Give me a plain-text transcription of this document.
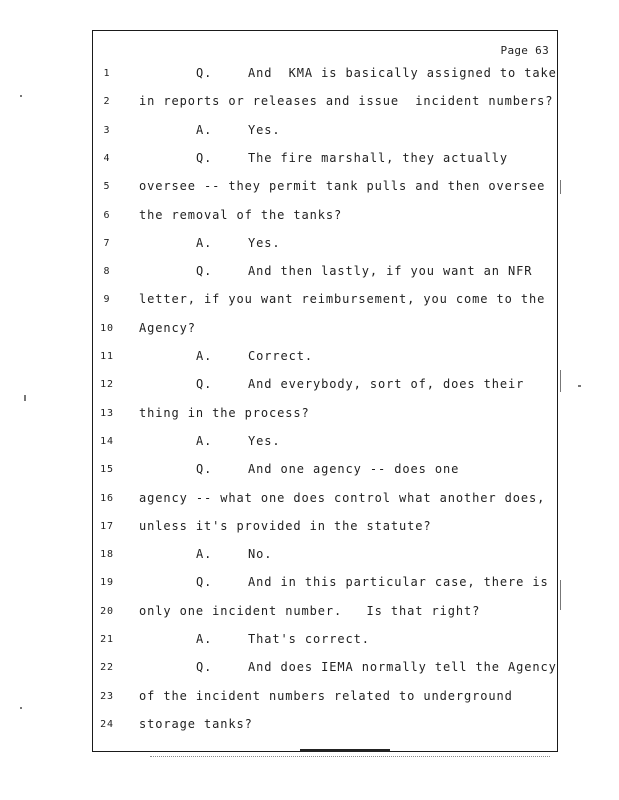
Page 63
1	Q.	And  KMA is basically assigned to take
2	in reports or releases and issue  incident numbers?
3	A.	Yes.
4	Q.	The fire marshall, they actually
5	oversee -- they permit tank pulls and then oversee
6	the removal of the tanks?
7	A.	Yes.
8	Q.	And then lastly, if you want an NFR
9	letter, if you want reimbursement, you come to the
10	Agency?
11	A.	Correct.
12	Q.	And everybody, sort of, does their
13	thing in the process?
14	A.	Yes.
15	Q.	And one agency -- does one
16	agency -- what one does control what another does,
17	unless it's provided in the statute?
18	A.	No.
19	Q.	And in this particular case, there is
20	only one incident number.   Is that right?
21	A.	That's correct.
22	Q.	And does IEMA normally tell the Agency
23	of the incident numbers related to underground
24	storage tanks?
